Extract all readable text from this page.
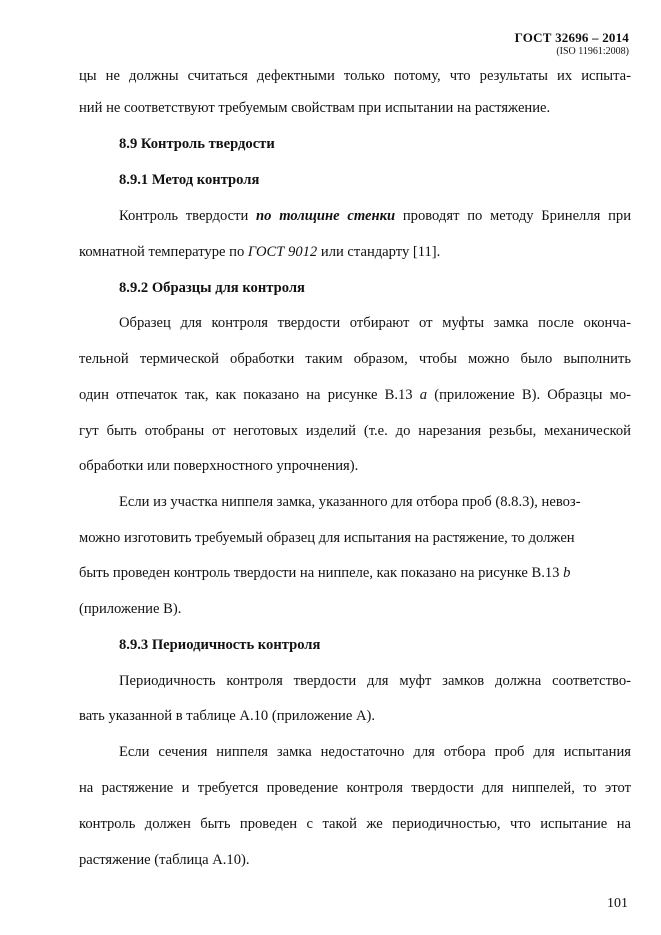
ГОСТ 32696 – 2014
(ISO 11961:2008)
цы не должны считаться дефектными только потому, что результаты их испыта-
ний не соответствуют требуемым свойствам при испытании на растяжение.
8.9 Контроль твердости
8.9.1 Метод контроля
Контроль твердости по толщине стенки проводят по методу Бринелля при
комнатной температуре по ГОСТ 9012 или стандарту [11].
8.9.2 Образцы для контроля
Образец для контроля твердости отбирают от муфты замка после оконча-
тельной термической обработки таким образом, чтобы можно было выполнить
один отпечаток так, как показано на рисунке В.13 а (приложение В). Образцы мо-
гут быть отобраны от неготовых изделий (т.е. до нарезания резьбы, механической
обработки или поверхностного упрочнения).
Если из участка ниппеля замка, указанного для отбора проб (8.8.3), невоз-
можно изготовить требуемый образец для испытания на растяжение, то должен
быть проведен контроль твердости на ниппеле, как показано на рисунке В.13 b
(приложение В).
8.9.3 Периодичность контроля
Периодичность контроля твердости для муфт замков должна соответство-
вать указанной в таблице А.10 (приложение А).
Если сечения ниппеля замка недостаточно для отбора проб для испытания
на растяжение и требуется проведение контроля твердости для ниппелей, то этот
контроль должен быть проведен с такой же периодичностью, что испытание на
растяжение (таблица А.10).
101
